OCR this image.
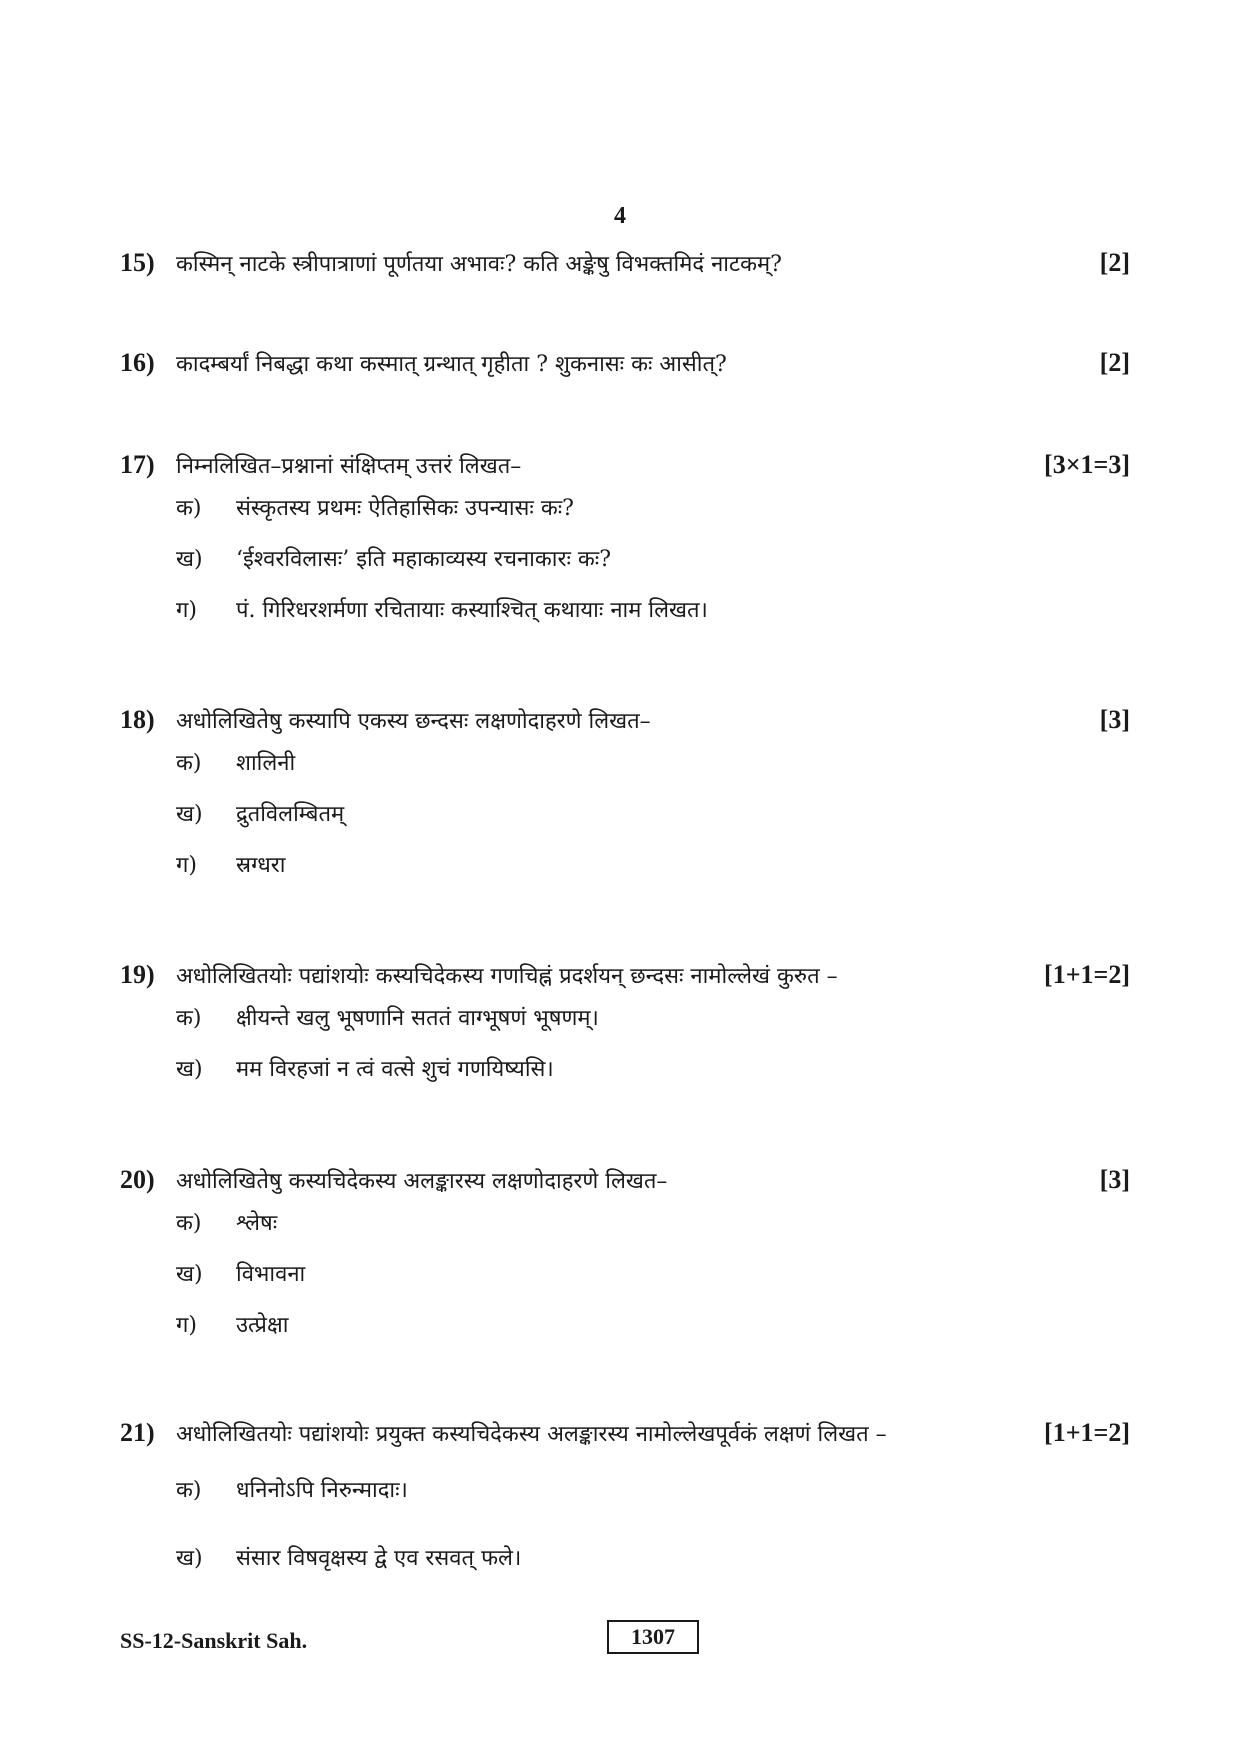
4
15) कस्मिन् नाटके स्त्रीपात्राणां पूर्णतया अभावः? कति अङ्केषु विभक्तमिदं नाटकम्?	[2]
16) कादम्बर्यां निबद्धा कथा कस्मात् ग्रन्थात् गृहीता ? शुकनासः कः आसीत्?	[2]
17) निम्नलिखित–प्रश्नानां संक्षिप्तम् उत्तरं लिखत–	[3×1=3]
क)	संस्कृतस्य प्रथमः ऐतिहासिकः उपन्यासः कः?
ख)	‘ईश्वरविलासः’ इति महाकाव्यस्य रचनाकारः कः?
ग)	पं. गिरिधरशर्मणा रचितायाः कस्याश्चित् कथायाः नाम लिखत।
18) अधोलिखितेषु कस्यापि एकस्य छन्दसः लक्षणोदाहरणे लिखत–	[3]
क)	शालिनी
ख)	द्रुतविलम्बितम्
ग)	स्रग्धरा
19) अधोलिखितयोः पद्यांशयोः कस्यचिदेकस्य गणचिह्नं प्रदर्शयन् छन्दसः नामोल्लेखं कुरुत –	[1+1=2]
क)	क्षीयन्ते खलु भूषणानि सततं वाग्भूषणं भूषणम्।
ख)	मम विरहजां न त्वं वत्से शुचं गणयिष्यसि।
20) अधोलिखितेषु कस्यचिदेकस्य अलङ्कारस्य लक्षणोदाहरणे लिखत–	[3]
क)	श्लेषः
ख)	विभावना
ग)	उत्प्रेक्षा
21) अधोलिखितयोः पद्यांशयोः प्रयुक्त कस्यचिदेकस्य अलङ्कारस्य नामोल्लेखपूर्वकं लक्षणं लिखत –	[1+1=2]
क)	धनिनोऽपि निरुन्मादाः।
ख)	संसार विषवृक्षस्य द्वे एव रसवत् फले।
SS-12-Sanskrit Sah.	1307
